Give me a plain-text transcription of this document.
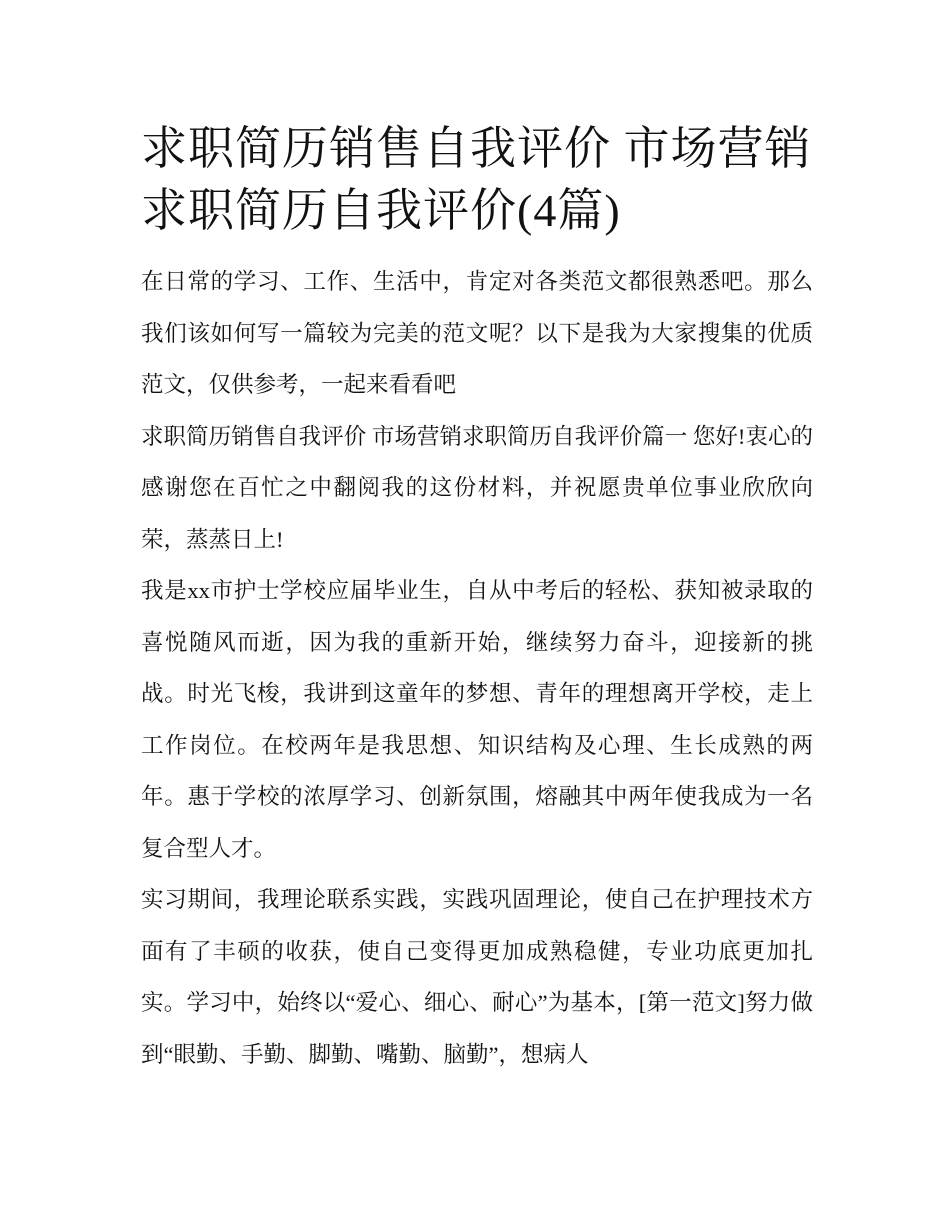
求职简历销售自我评价 市场营销求职简历自我评价(4篇)

在日常的学习、工作、生活中，肯定对各类范文都很熟悉吧。那么我们该如何写一篇较为完美的范文呢？以下是我为大家搜集的优质范文，仅供参考，一起来看看吧

求职简历销售自我评价 市场营销求职简历自我评价篇一 您好!衷心的感谢您在百忙之中翻阅我的这份材料，并祝愿贵单位事业欣欣向荣，蒸蒸日上!

我是xx市护士学校应届毕业生，自从中考后的轻松、获知被录取的喜悦随风而逝，因为我的重新开始，继续努力奋斗，迎接新的挑战。时光飞梭，我讲到这童年的梦想、青年的理想离开学校，走上工作岗位。在校两年是我思想、知识结构及心理、生长成熟的两年。惠于学校的浓厚学习、创新氛围，熔融其中两年使我成为一名复合型人才。

实习期间，我理论联系实践，实践巩固理论，使自己在护理技术方面有了丰硕的收获，使自己变得更加成熟稳健，专业功底更加扎实。学习中，始终以“爱心、细心、耐心”为基本，[第一范文]努力做到“眼勤、手勤、脚勤、嘴勤、脑勤”，想病人
